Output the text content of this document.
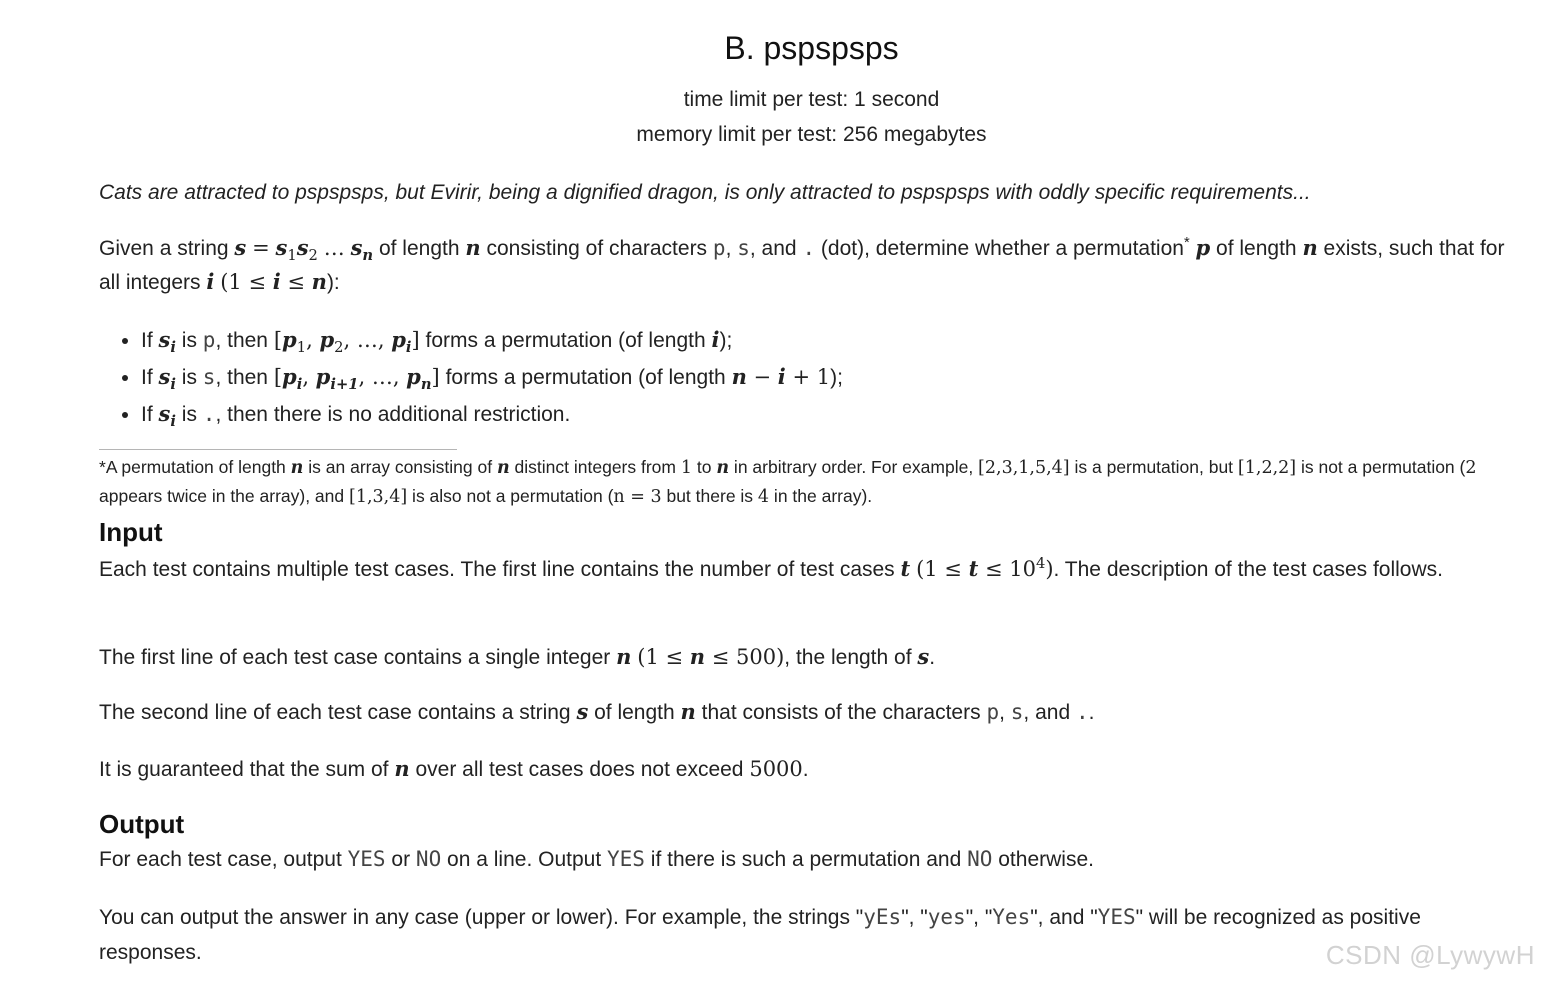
B. pspspsps
time limit per test: 1 second
memory limit per test: 256 megabytes
Cats are attracted to pspspsps, but Evirir, being a dignified dragon, is only attracted to pspspsps with oddly specific requirements...
Given a string $s = s_1s_2$ … $s_n$ of length n consisting of characters p, s, and . (dot), determine whether a permutation* p of length n exists, such that for all integers i (1 ≤ i ≤ n):
• If $s_i$ is p, then [$p_1$, $p_2$, …, $p_i$] forms a permutation (of length i);
• If $s_i$ is s, then [$p_i$, $p_{i+1}$, …, $p_n$] forms a permutation (of length n − i + 1);
• If $s_i$ is ., then there is no additional restriction.
*A permutation of length n is an array consisting of n distinct integers from 1 to n in arbitrary order. For example, [2,3,1,5,4] is a permutation, but [1,2,2] is not a permutation (2 appears twice in the array), and [1,3,4] is also not a permutation (n = 3 but there is 4 in the array).
Input
Each test contains multiple test cases. The first line contains the number of test cases t $(1 \le t \le 10^4)$. The description of the test cases follows.
The first line of each test case contains a single integer n (1 ≤ n ≤ 500), the length of s.
The second line of each test case contains a string s of length n that consists of the characters p, s, and ..
It is guaranteed that the sum of n over all test cases does not exceed 5000.
Output
For each test case, output YES or NO on a line. Output YES if there is such a permutation and NO otherwise.
You can output the answer in any case (upper or lower). For example, the strings "yEs", "yes", "Yes", and "YES" will be recognized as positive responses.	CSDN @LywywH
